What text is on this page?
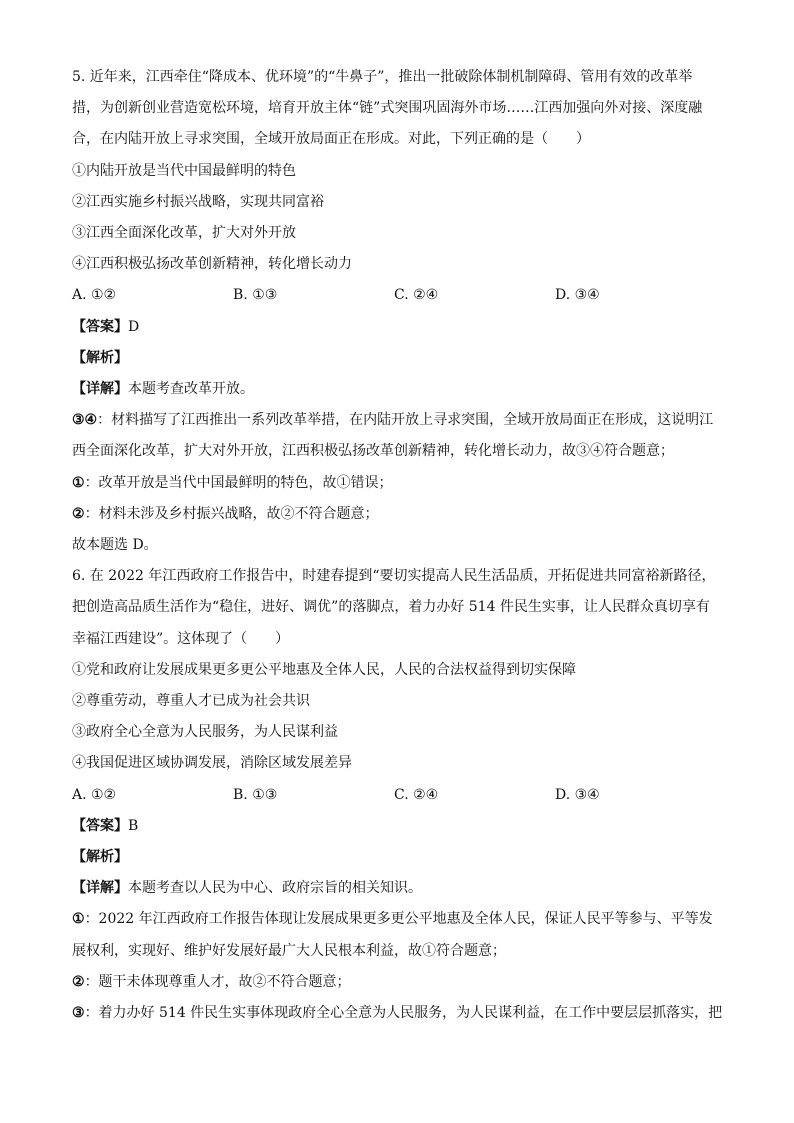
5. 近年来，江西牵住“降成本、优环境”的“牛鼻子”，推出一批破除体制机制障碍、管用有效的改革举
措，为创新创业营造宽松环境，培育开放主体“链”式突围巩固海外市场……江西加强向外对接、深度融
合，在内陆开放上寻求突围，全域开放局面正在形成。对此，下列正确的是（　　）
①内陆开放是当代中国最鲜明的特色
②江西实施乡村振兴战略，实现共同富裕
③江西全面深化改革，扩大对外开放
④江西积极弘扬改革创新精神，转化增长动力
A. ①②	B. ①③	C. ②④	D. ③④
【答案】D
【解析】
【详解】本题考查改革开放。
③④：材料描写了江西推出一系列改革举措，在内陆开放上寻求突围，全域开放局面正在形成，这说明江
西全面深化改革，扩大对外开放，江西积极弘扬改革创新精神，转化增长动力，故③④符合题意；
①：改革开放是当代中国最鲜明的特色，故①错误；
②：材料未涉及乡村振兴战略，故②不符合题意；
故本题选 D。
6. 在 2022 年江西政府工作报告中，时建春提到“要切实提高人民生活品质，开拓促进共同富裕新路径，
把创造高品质生活作为“稳住，进好、调优”的落脚点，着力办好 514 件民生实事，让人民群众真切享有
幸福江西建设”。这体现了（　　）
①党和政府让发展成果更多更公平地惠及全体人民，人民的合法权益得到切实保障
②尊重劳动，尊重人才已成为社会共识
③政府全心全意为人民服务，为人民谋利益
④我国促进区域协调发展，消除区域发展差异
A. ①②	B. ①③	C. ②④	D. ③④
【答案】B
【解析】
【详解】本题考查以人民为中心、政府宗旨的相关知识。
①：2022 年江西政府工作报告体现让发展成果更多更公平地惠及全体人民，保证人民平等参与、平等发
展权利，实现好、维护好发展好最广大人民根本利益，故①符合题意；
②：题干未体现尊重人才，故②不符合题意；
③：着力办好 514 件民生实事体现政府全心全意为人民服务，为人民谋利益，在工作中要层层抓落实，把
